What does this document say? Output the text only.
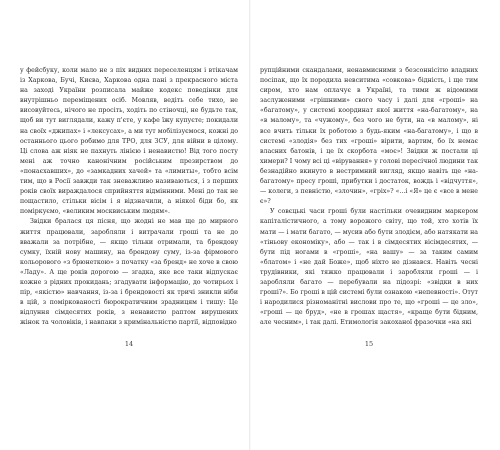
у фейсбуку, коли мало не з піх видних переселенцям і втікачам із Харкова, Бучі, Києва, Харкова одна пані з прекрасного міста на заході України розписала майже кодекс поведінки для внутрішньо переміщених осіб. Мовляв, ведіть себе тихо, не висовуйтесь, нічого не просіть, ходіть по стіночці, не будьте так, щоб ви тут виглядали, кажу п'єте, у кафе їжу купуєте; покидали на своїх «джипах» і «лексусах», а ми тут мобілізуємося, кожні до останнього цього робимо для ТРО, для ЗСУ, для війни в цілому. Ці слова аж ніяк не пахнуть лінією і ненавистю! Від того посту мені аж точно канонічним російським презирством до «понаєхавших», до «замкадних хачей» та «лимиты», тобто всім тим, що в Росії завжди так зневажливо називаються, і з перших років своїх вираждалося сприйняття відмінними. Мені до так не пощастило, стільки вісім і я відзначили, а ніякої біди бо, як поміркуємо, «великим москвиським людям».

Звідки бралася ця пісня, що жодні не мав ще до мирного життя працювали, заробляли і витрачали гроші та не до вважали за потрібне, — якщо тільки отримали, та брендову сумку, їхній нову машину, на брендову суму, із-за фірмового кольорового «з брюнеткою» з початку «за бренд» не хоче в свою «Ладу». А ще років дорогою — згадка, яке все таки відпускає кожне з рідних прокидань; згадувати інформацію, до чотирьох і пір, «якістю» навчання, із-за і брендовості як тричі зникли ніби в цій, з поміркованості бюрократичним зрадницям і тишу: Це відлуння сімдесятих років, з ненавистю раптом вирушених жінок та чоловіків, і навпаки з кримінальністю партії, відповідно

14

рупційними скандалами, ненавмисними з безсоннісітю владних посіпак, що їх породила невситима «совкова» бідність, і ще тим сиром, хто нам оплачує в Україні, та тими ж відомими заслуженими «грішними» свого часу і далі для «гроші» на «багатому», у системі координат якої життя «на-багатому», на «в малому», та «чужому», без чого не бути, на «в малому», ні все вчить тільки їх роботою з будь-яким «на-багатому», і що в системі «злодія» без тих «гроші» вірити, вартим, бо їх немає власних батонів, і це їх скорбота «моє»! Звідки ж постали ці химери? І чому всі ці «вірування» у голові пересічної людини так безнадійно вкинуто в нестримний вигляд, якщо навіть ще «на-багатому» пресу гроші, прибутки і достаток, вождь і «відчуття», — колеги, з певністю, «злочин», «гріх»? «...і «Я» це є «все в мене є»?

У совєцькі часи гроші були настільки очевидним маркером капіталістичного, а тому ворожого світу, що той, хто хотів їх мати — і мати багато, — мусив або бути злодієм, або натякати на «тіньову економіку», або — так і в сімдесятих вісімдесятих, — бути під ногами в «гроші», «на вашу» — за таким самим «блатом» і «не дай Боже», щоб ніхто не дізнався. Навіть чесні трудівники, які тяжко працювали і заробляли гроші — і заробляли багато — перебували на підозрі: «звідки в них гроші?». Бо гроші в цій системі були ознакою «непевності». Отут і народилися різноманітні вислови про те, що «гроші — це зло», «гроші — це бруд», «не в грошах щастя», «краще бути бідним, але чесним», і так далі. Етимологія закоханої фразочки «на які

15
